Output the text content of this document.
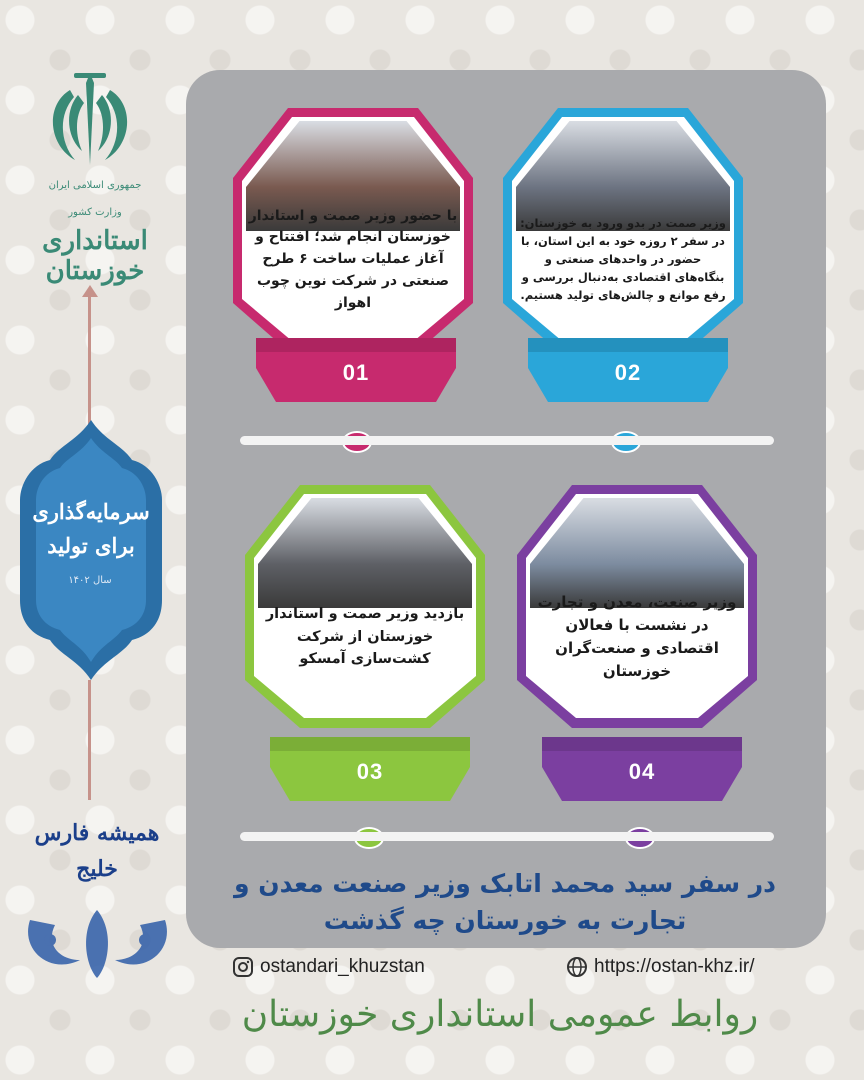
جمهوری اسلامی ایران
وزارت کشور
استانداری خوزستان
سرمایه‌گذاری
برای تولید
سال ۱۴۰۲
همیشه فارس
خلیج
با حضور وزیر صمت و استاندار خوزستان انجام شد؛ افتتاح و آغاز عملیات ساخت ۶ طرح صنعتی در شرکت نوین چوب اهواز
01
وزیر صمت در بدو ورود به خوزستان: در سفر ۲ روزه خود به این استان، با حضور در واحدهای صنعتی و بنگاه‌های اقتصادی به‌دنبال بررسی و رفع موانع و چالش‌های تولید هستیم.
02
بازدید وزیر صمت و استاندار خوزستان از شرکت کشت‌سازی آمسکو
03
وزیر صنعت، معدن و تجارت در نشست با فعالان اقتصادی و صنعت‌گران خوزستان
04
در سفر سید محمد اتابک وزیر صنعت معدن و تجارت به خورستان چه گذشت
ostandari_khuzstan	https://ostan-khz.ir/
روابط عمومی استانداری خوزستان
